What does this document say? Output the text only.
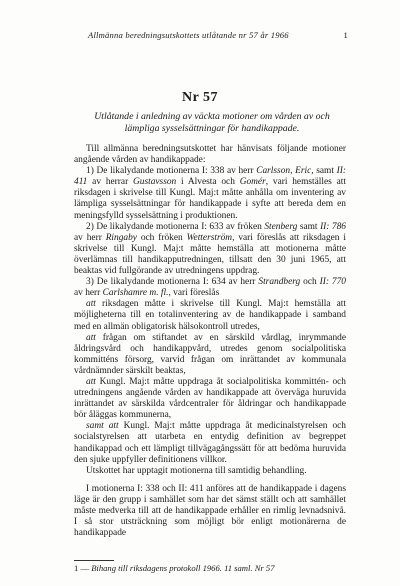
Allmänna beredningsutskottets utlåtande nr 57 år 1966	1
Nr 57
Utlåtande i anledning av väckta motioner om vården av och lämpliga sysselsättningar för handikappade.

Till allmänna beredningsutskottet har hänvisats följande motioner angående vården av handikappade:

1) De likalydande motionerna I: 338 av herr Carlsson, Eric, samt II: 411 av herrar Gustavsson i Alvesta och Gomér, vari hemställes att riksdagen i skrivelse till Kungl. Maj:t måtte anhålla om inventering av lämpliga sysselsättningar för handikappade i syfte att bereda dem en meningsfylld sysselsättning i produktionen.

2) De likalydande motionerna I: 633 av fröken Stenberg samt II: 786 av herr Ringaby och fröken Wetterström, vari föreslås att riksdagen i skrivelse till Kungl. Maj:t måtte hemställa att motionerna måtte överlämnas till handikapputredningen, tillsatt den 30 juni 1965, att beaktas vid fullgörande av utredningens uppdrag.

3) De likalydande motionerna I: 634 av herr Strandberg och II: 770 av herr Carlshamre m. fl., vari föreslås

att riksdagen måtte i skrivelse till Kungl. Maj:t hemställa att möjligheterna till en totalinventering av de handikappade i samband med en allmän obligatorisk hälsokontroll utredes,

att frågan om stiftandet av en särskild vårdlag, inrymmande åldringsvård och handikappvård, utredes genom socialpolitiska kommitténs försorg, varvid frågan om inrättandet av kommunala vårdnämnder särskilt beaktas,

att Kungl. Maj:t måtte uppdraga åt socialpolitiska kommittén- och utredningens angående vården av handikappade att överväga huruvida inrättandet av särskilda vårdcentraler för åldringar och handikappade bör åläggas kommunerna,

samt att Kungl. Maj:t måtte uppdraga åt medicinalstyrelsen och socialstyrelsen att utarbeta en entydig definition av begreppet handikappad och ett lämpligt tillvägagångssätt för att bedöma huruvida den sjuke uppfyller definitionens villkor.

Utskottet har upptagit motionerna till samtidig behandling.

I motionerna I: 338 och II: 411 anföres att de handikappade i dagens läge är den grupp i samhället som har det sämst ställt och att samhället måste medverka till att de handikappade erhåller en rimlig levnadsnivå. I så stor utsträckning som möjligt bör enligt motionärerna de handikappade

1 — Bihang till riksdagens protokoll 1966. 11 saml. Nr 57
